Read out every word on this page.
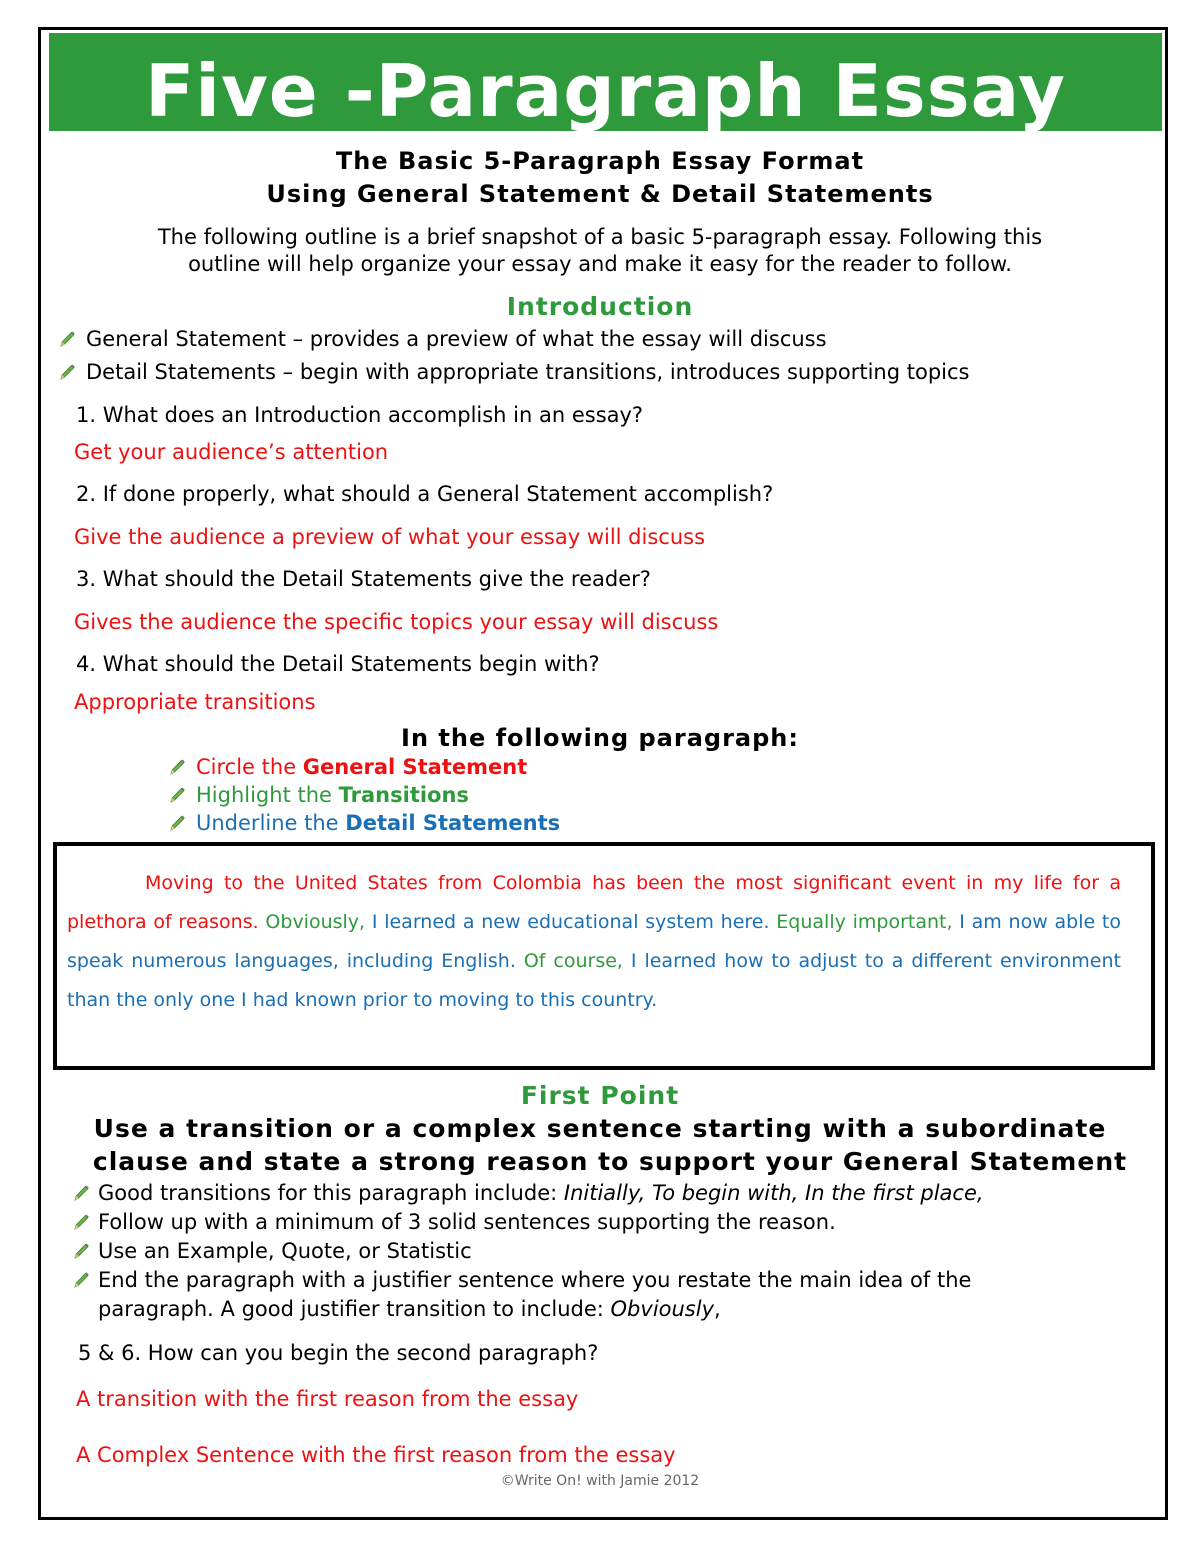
Five -Paragraph Essay
The Basic 5-Paragraph Essay Format
Using General Statement & Detail Statements
The following outline is a brief snapshot of a basic 5-paragraph essay. Following this
outline will help organize your essay and make it easy for the reader to follow.
Introduction
General Statement – provides a preview of what the essay will discuss
Detail Statements – begin with appropriate transitions, introduces supporting topics
1. What does an Introduction accomplish in an essay?
Get your audience’s attention
2. If done properly, what should a General Statement accomplish?
Give the audience a preview of what your essay will discuss
3. What should the Detail Statements give the reader?
Gives the audience the specific topics your essay will discuss
4. What should the Detail Statements begin with?
Appropriate transitions
In the following paragraph:
Circle the General Statement
Highlight the Transitions
Underline the Detail Statements
Moving to the United States from Colombia has been the most significant event in my life for a plethora of reasons. Obviously, I learned a new educational system here. Equally important, I am now able to speak numerous languages, including English. Of course, I learned how to adjust to a different environment than the only one I had known prior to moving to this country.
First Point
Use a transition or a complex sentence starting with a subordinate
clause and state a strong reason to support your General Statement
Good transitions for this paragraph include: Initially, To begin with, In the first place,
Follow up with a minimum of 3 solid sentences supporting the reason.
Use an Example, Quote, or Statistic
End the paragraph with a justifier sentence where you restate the main idea of the
paragraph. A good justifier transition to include: Obviously,
5 & 6. How can you begin the second paragraph?
A transition with the first reason from the essay
A Complex Sentence with the first reason from the essay
©Write On! with Jamie 2012
